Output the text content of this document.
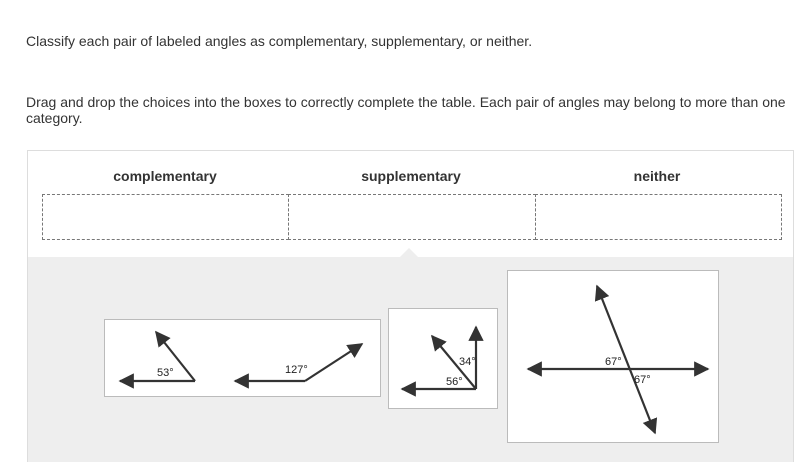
Classify each pair of labeled angles as complementary, supplementary, or neither.
Drag and drop the choices into the boxes to correctly complete the table. Each pair of angles may belong to more than one category.
complementary	supplementary	neither
53°	127°
34°
56°
67°
67°
